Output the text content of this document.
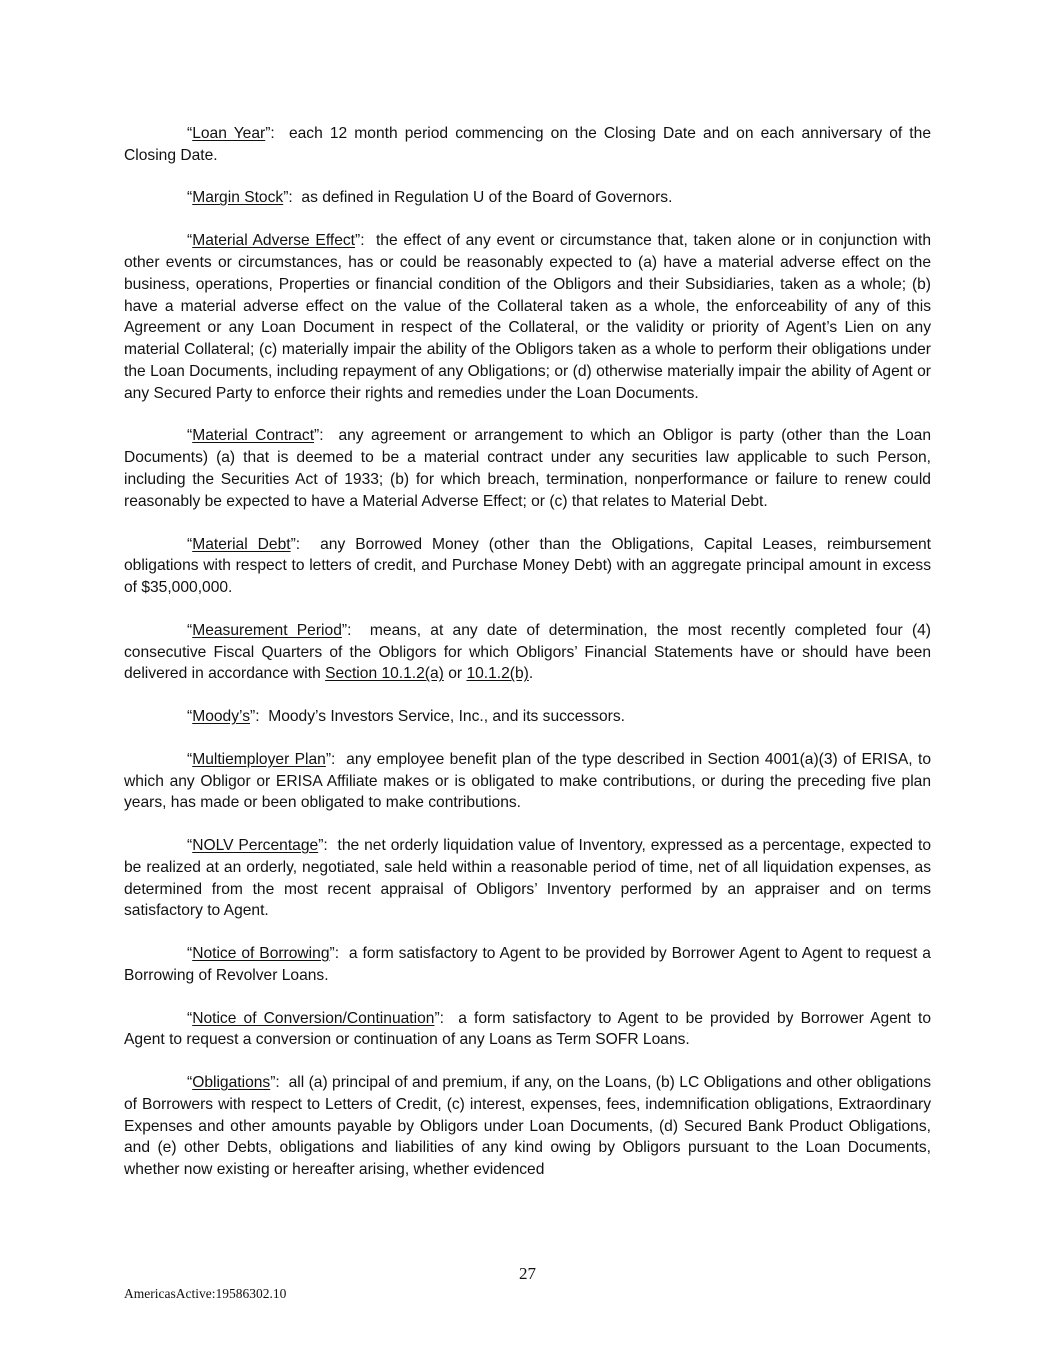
“Loan Year”:  each 12 month period commencing on the Closing Date and on each anniversary of the Closing Date.

“Margin Stock”:  as defined in Regulation U of the Board of Governors.

“Material Adverse Effect”:  the effect of any event or circumstance that, taken alone or in conjunction with other events or circumstances, has or could be reasonably expected to (a) have a material adverse effect on the business, operations, Properties or financial condition of the Obligors and their Subsidiaries, taken as a whole; (b) have a material adverse effect on the value of the Collateral taken as a whole, the enforceability of any of this Agreement or any Loan Document in respect of the Collateral, or the validity or priority of Agent’s Lien on any material Collateral; (c) materially impair the ability of the Obligors taken as a whole to perform their obligations under the Loan Documents, including repayment of any Obligations; or (d) otherwise materially impair the ability of Agent or any Secured Party to enforce their rights and remedies under the Loan Documents.

“Material Contract”:  any agreement or arrangement to which an Obligor is party (other than the Loan Documents) (a) that is deemed to be a material contract under any securities law applicable to such Person, including the Securities Act of 1933; (b) for which breach, termination, nonperformance or failure to renew could reasonably be expected to have a Material Adverse Effect; or (c) that relates to Material Debt.

“Material Debt”:  any Borrowed Money (other than the Obligations, Capital Leases, reimbursement obligations with respect to letters of credit, and Purchase Money Debt) with an aggregate principal amount in excess of $35,000,000.

“Measurement Period”:  means, at any date of determination, the most recently completed four (4) consecutive Fiscal Quarters of the Obligors for which Obligors’ Financial Statements have or should have been delivered in accordance with Section 10.1.2(a) or 10.1.2(b).

“Moody’s”:  Moody’s Investors Service, Inc., and its successors.

“Multiemployer Plan”:  any employee benefit plan of the type described in Section 4001(a)(3) of ERISA, to which any Obligor or ERISA Affiliate makes or is obligated to make contributions, or during the preceding five plan years, has made or been obligated to make contributions.

“NOLV Percentage”:  the net orderly liquidation value of Inventory, expressed as a percentage, expected to be realized at an orderly, negotiated, sale held within a reasonable period of time, net of all liquidation expenses, as determined from the most recent appraisal of Obligors’ Inventory performed by an appraiser and on terms satisfactory to Agent.

“Notice of Borrowing”:  a form satisfactory to Agent to be provided by Borrower Agent to Agent to request a Borrowing of Revolver Loans.

“Notice of Conversion/Continuation”:  a form satisfactory to Agent to be provided by Borrower Agent to Agent to request a conversion or continuation of any Loans as Term SOFR Loans.

“Obligations”:  all (a) principal of and premium, if any, on the Loans, (b) LC Obligations and other obligations of Borrowers with respect to Letters of Credit, (c) interest, expenses, fees, indemnification obligations, Extraordinary Expenses and other amounts payable by Obligors under Loan Documents, (d) Secured Bank Product Obligations, and (e) other Debts, obligations and liabilities of any kind owing by Obligors pursuant to the Loan Documents, whether now existing or hereafter arising, whether evidenced

27
AmericasActive:19586302.10
